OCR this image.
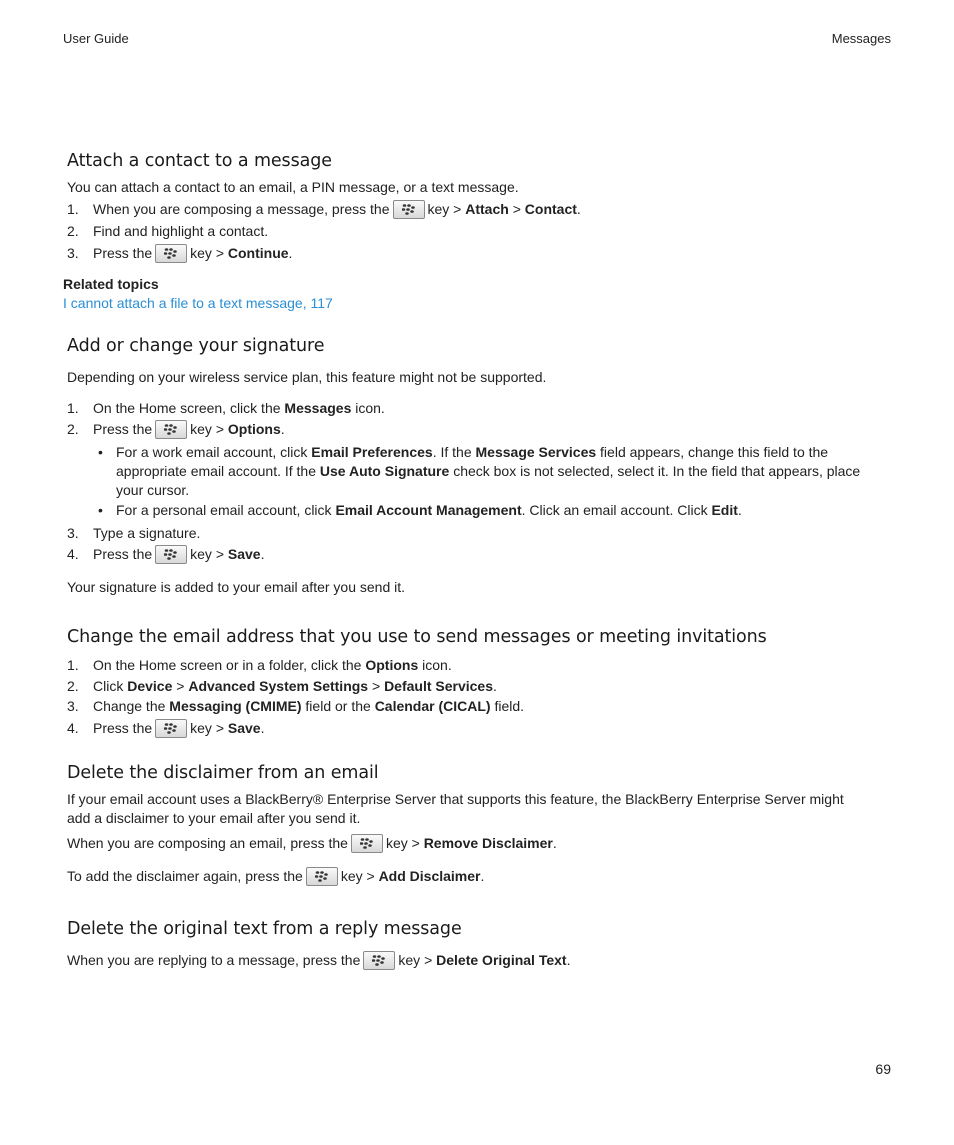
User Guide	Messages
69
Attach a contact to a message
You can attach a contact to an email, a PIN message, or a text message.
1. When you are composing a message, press the	key > Attach > Contact.
2. Find and highlight a contact.
3. Press the	key > Continue.
Related topics
I cannot attach a file to a text message, 117
Add or change your signature
Depending on your wireless service plan, this feature might not be supported.
1. On the Home screen, click the Messages icon.
2. Press the	key > Options.
• For a work email account, click Email Preferences. If the Message Services field appears, change this field to the appropriate email account. If the Use Auto Signature check box is not selected, select it. In the field that appears, place your cursor.
• For a personal email account, click Email Account Management. Click an email account. Click Edit.
3. Type a signature.
4. Press the	key > Save.
Your signature is added to your email after you send it.
Change the email address that you use to send messages or meeting invitations
1. On the Home screen or in a folder, click the Options icon.
2. Click Device > Advanced System Settings > Default Services.
3. Change the Messaging (CMIME) field or the Calendar (CICAL) field.
4. Press the	key > Save.
Delete the disclaimer from an email
If your email account uses a BlackBerry® Enterprise Server that supports this feature, the BlackBerry Enterprise Server might
add a disclaimer to your email after you send it.
When you are composing an email, press the	key > Remove Disclaimer.
To add the disclaimer again, press the	key > Add Disclaimer.
Delete the original text from a reply message
When you are replying to a message, press the	key > Delete Original Text.
